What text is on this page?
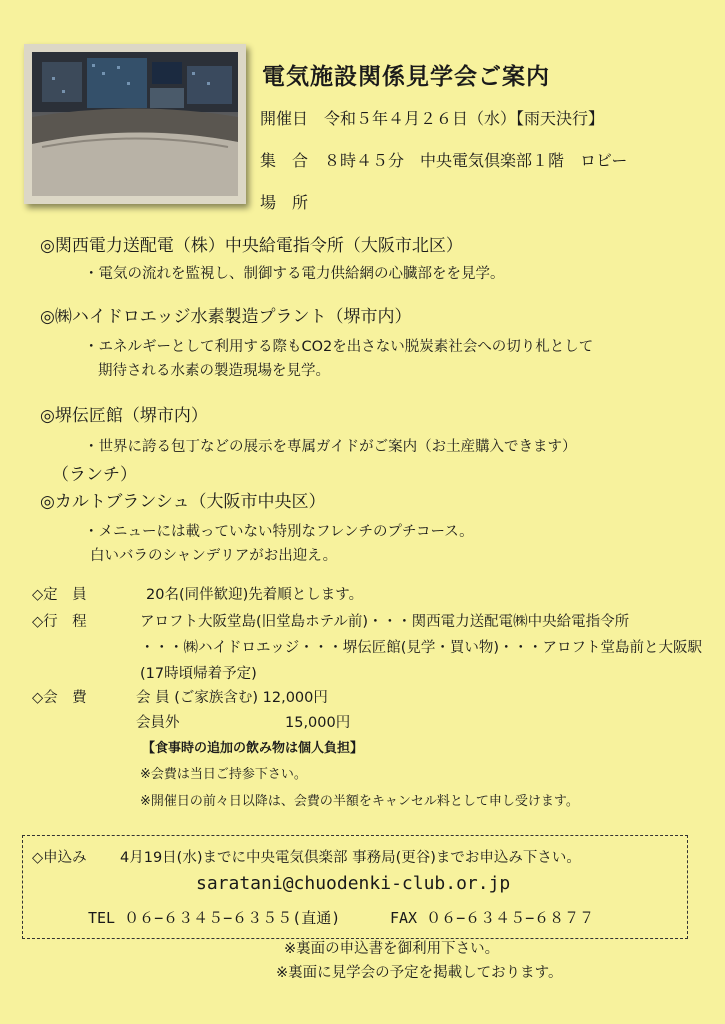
電気施設関係見学会ご案内
開催日　令和５年４月２６日（水）【雨天決行】
集　合　８時４５分　中央電気倶楽部１階　ロビー
場　所
◎関西電力送配電（株）中央給電指令所（大阪市北区）
・電気の流れを監視し、制御する電力供給網の心臓部をを見学。
◎㈱ハイドロエッジ水素製造プラント（堺市内）
・エネルギーとして利用する際もCO2を出さない脱炭素社会への切り札として
期待される水素の製造現場を見学。
◎堺伝匠館（堺市内）
・世界に誇る包丁などの展示を専属ガイドがご案内（お土産購入できます）
（ランチ）
◎カルトブランシュ（大阪市中央区）
・メニューには載っていない特別なフレンチのプチコース。
白いバラのシャンデリアがお出迎え。
◇定　員	20名(同伴歓迎)先着順とします。
◇行　程	アロフト大阪堂島(旧堂島ホテル前)・・・関西電力送配電㈱中央給電指令所
・・・㈱ハイドロエッジ・・・堺伝匠館(見学・買い物)・・・アロフト堂島前と大阪駅
(17時頃帰着予定)
◇会　費	会 員 (ご家族含む) 12,000円
会員外	15,000円
【食事時の追加の飲み物は個人負担】
※会費は当日ご持参下さい。
※開催日の前々日以降は、会費の半額をキャンセル料として申し受けます。
◇申込み 4月19日(水)までに中央電気倶楽部 事務局(更谷)までお申込み下さい。
saratani@chuodenki-club.or.jp
TEL ０６−６３４５−６３５５(直通)	FAX ０６−６３４５−６８７７
※裏面の申込書を御利用下さい。
※裏面に見学会の予定を掲載しております。
